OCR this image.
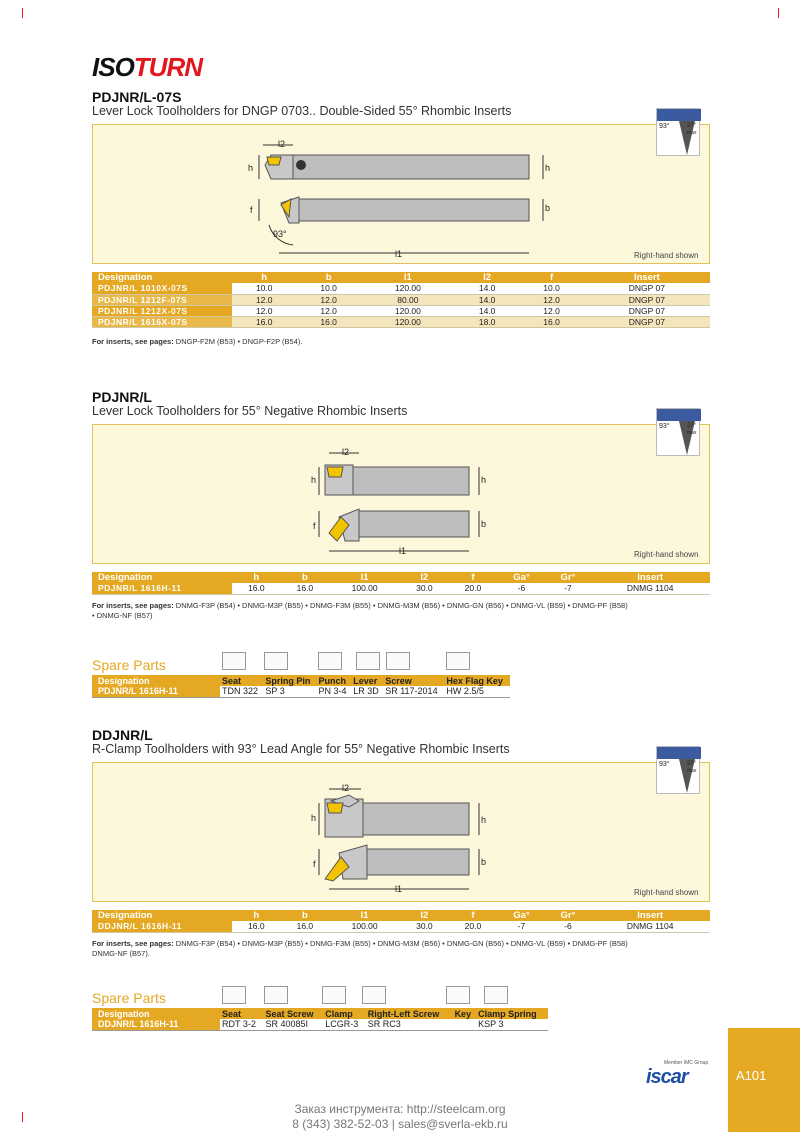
ISOTURN
PDJNR/L-07S
Lever Lock Toolholders for DNGP 0703.. Double-Sided 55° Rhombic Inserts
l2
h	h
f	b
93°
l1	Right-hand shown
93°	27°
max
Designation	h	b	l1	l2	f	Insert
PDJNR/L 1010X-07S	10.0	10.0	120.00	14.0	10.0	DNGP 07
PDJNR/L 1212F-07S	12.0	12.0	80.00	14.0	12.0	DNGP 07
PDJNR/L 1212X-07S	12.0	12.0	120.00	14.0	12.0	DNGP 07
PDJNR/L 1616X-07S	16.0	16.0	120.00	18.0	16.0	DNGP 07
For inserts, see pages: DNGP-F2M (B53) • DNGP-F2P (B54).
PDJNR/L
Lever Lock Toolholders for 55° Negative Rhombic Inserts
l2
h	h
f	b
l1	Right-hand shown
93°	27°
max
Designation	h	b	l1	l2	f	Ga°	Gr°	Insert
PDJNR/L 1616H-11	16.0	16.0	100.00	30.0	20.0	-6	-7	DNMG 1104
For inserts, see pages: DNMG-F3P (B54) • DNMG-M3P (B55) • DNMG-F3M (B55) • DNMG-M3M (B56) • DNMG-GN (B56) • DNMG-VL (B59) • DNMG-PF (B58)
• DNMG-NF (B57)
Spare Parts
Designation	Seat	Spring Pin	Punch	Lever	Screw	Hex Flag Key
PDJNR/L 1616H-11	TDN 322	SP 3	PN 3-4	LR 3D	SR 117-2014	HW 2.5/5
DDJNR/L
R-Clamp Toolholders with 93° Lead Angle for 55° Negative Rhombic Inserts
l2
h	h
f	b
l1	Right-hand shown
93°	27°
max
Designation	h	b	l1	l2	f	Ga°	Gr°	Insert
DDJNR/L 1616H-11	16.0	16.0	100.00	30.0	20.0	-7	-6	DNMG 1104
For inserts, see pages: DNMG-F3P (B54) • DNMG-M3P (B55) • DNMG-F3M (B55) • DNMG-M3M (B56) • DNMG-GN (B56) • DNMG-VL (B59) • DNMG-PF (B58)
DNMG-NF (B57).
Spare Parts
Designation	Seat	Seat Screw	Clamp	Right-Left Screw	Key	Clamp Spring
DDJNR/L 1616H-11	RDT 3-2	SR 40085I	LCGR-3	SR RC3		KSP 3
Member IMC Group
iscar	A101
Заказ инструмента: http://steelcam.org
8 (343) 382-52-03 | sales@sverla-ekb.ru
